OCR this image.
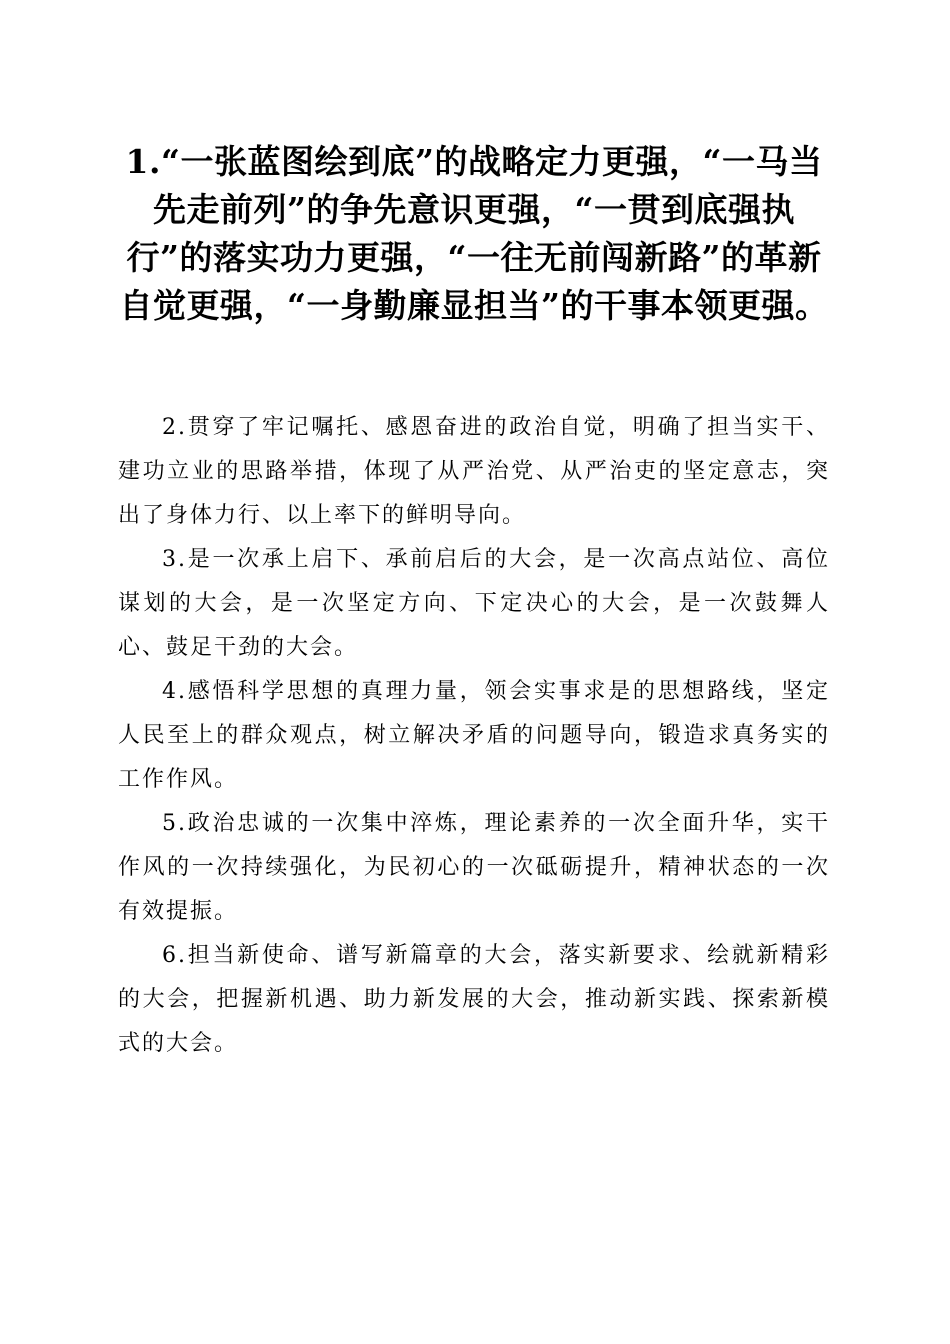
1.“一张蓝图绘到底”的战略定力更强，“一马当先走前列”的争先意识更强，“一贯到底强执行”的落实功力更强，“一往无前闯新路”的革新自觉更强，“一身勤廉显担当”的干事本领更强。

2.贯穿了牢记嘱托、感恩奋进的政治自觉，明确了担当实干、建功立业的思路举措，体现了从严治党、从严治吏的坚定意志，突出了身体力行、以上率下的鲜明导向。

3.是一次承上启下、承前启后的大会，是一次高点站位、高位谋划的大会，是一次坚定方向、下定决心的大会，是一次鼓舞人心、鼓足干劲的大会。

4.感悟科学思想的真理力量，领会实事求是的思想路线，坚定人民至上的群众观点，树立解决矛盾的问题导向，锻造求真务实的工作作风。

5.政治忠诚的一次集中淬炼，理论素养的一次全面升华，实干作风的一次持续强化，为民初心的一次砥砺提升，精神状态的一次有效提振。

6.担当新使命、谱写新篇章的大会，落实新要求、绘就新精彩的大会，把握新机遇、助力新发展的大会，推动新实践、探索新模式的大会。
